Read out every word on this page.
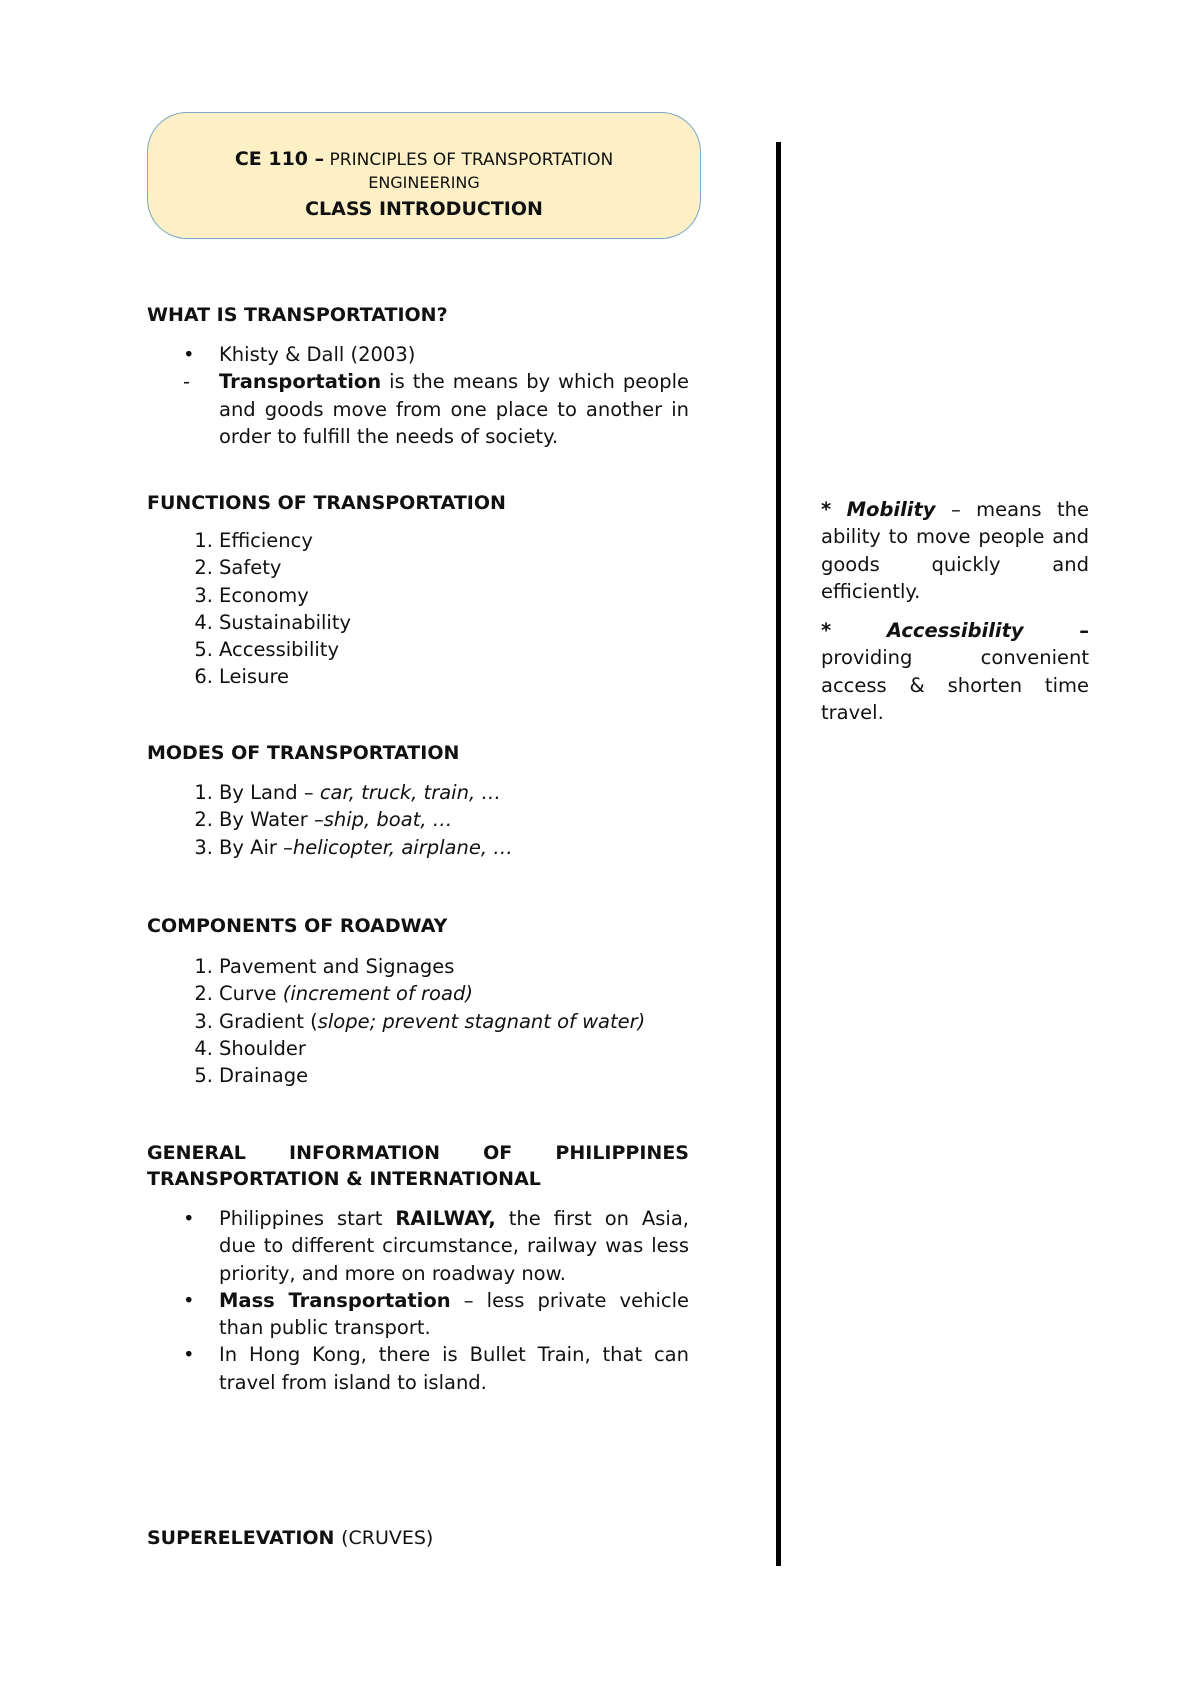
CE 110 – PRINCIPLES OF TRANSPORTATION
ENGINEERING
CLASS INTRODUCTION
WHAT IS TRANSPORTATION?
• Khisty & Dall (2003)
- Transportation is the means by which people and goods move from one place to another in order to fulfill the needs of society.
FUNCTIONS OF TRANSPORTATION
1. Efficiency
2. Safety
3. Economy
4. Sustainability
5. Accessibility
6. Leisure
MODES OF TRANSPORTATION
1. By Land – car, truck, train, …
2. By Water –ship, boat, …
3. By Air –helicopter, airplane, …
COMPONENTS OF ROADWAY
1. Pavement and Signages
2. Curve (increment of road)
3. Gradient (slope; prevent stagnant of water)
4. Shoulder
5. Drainage
GENERAL INFORMATION OF PHILIPPINES
TRANSPORTATION & INTERNATIONAL
• Philippines start RAILWAY, the first on Asia, due to different circumstance, railway was less priority, and more on roadway now.
• Mass Transportation – less private vehicle than public transport.
• In Hong Kong, there is Bullet Train, that can travel from island to island.
SUPERELEVATION (CRUVES)
* Mobility – means the ability to move people and goods quickly and efficiently.
*	Accessibility	– providing convenient access & shorten time travel.
